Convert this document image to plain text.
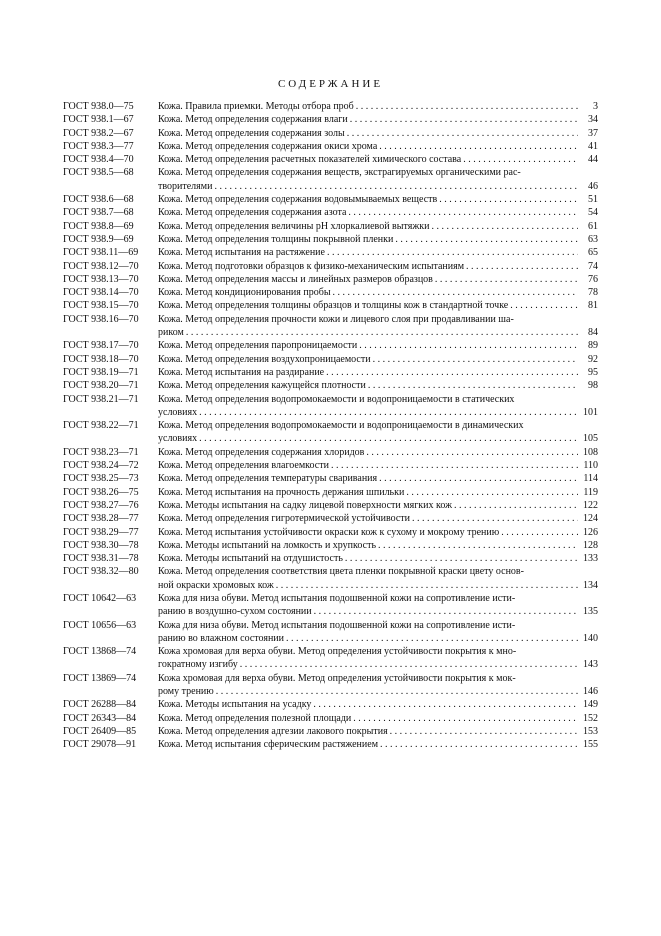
СОДЕРЖАНИЕ
ГОСТ 938.0—75	Кожа. Правила приемки. Методы отбора проб . . .	3
ГОСТ 938.1—67	Кожа. Метод определения содержания влаги . . .	34
ГОСТ 938.2—67	Кожа. Метод определения содержания золы . . .	37
ГОСТ 938.3—77	Кожа. Метод определения содержания окиси хрома . . .	41
ГОСТ 938.4—70	Кожа. Метод определения расчетных показателей химического состава . . .	44
ГОСТ 938.5—68	Кожа. Метод определения содержания веществ, экстрагируемых органическими рас-
творителями . . .	46
ГОСТ 938.6—68	Кожа. Метод определения содержания водовымываемых веществ . . .	51
ГОСТ 938.7—68	Кожа. Метод определения содержания азота . . .	54
ГОСТ 938.8—69	Кожа. Метод определения величины pH хлоркалиевой вытяжки . . .	61
ГОСТ 938.9—69	Кожа. Метод определения толщины покрывной пленки . . .	63
ГОСТ 938.11—69	Кожа. Метод испытания на растяжение . . .	65
ГОСТ 938.12—70	Кожа. Метод подготовки образцов к физико-механическим испытаниям . . .	74
ГОСТ 938.13—70	Кожа. Метод определения массы и линейных размеров образцов . . .	76
ГОСТ 938.14—70	Кожа. Метод кондиционирования пробы . . .	78
ГОСТ 938.15—70	Кожа. Метод определения толщины образцов и толщины кож в стандартной точке . . .	81
ГОСТ 938.16—70	Кожа. Метод определения прочности кожи и лицевого слоя при продавливании ша-
риком . . .	84
ГОСТ 938.17—70	Кожа. Метод определения паропроницаемости . . .	89
ГОСТ 938.18—70	Кожа. Метод определения воздухопроницаемости . . .	92
ГОСТ 938.19—71	Кожа. Метод испытания на раздирание . . .	95
ГОСТ 938.20—71	Кожа. Метод определения кажущейся плотности . . .	98
ГОСТ 938.21—71	Кожа. Метод определения водопромокаемости и водопроницаемости в статических
условиях . . .	101
ГОСТ 938.22—71	Кожа. Метод определения водопромокаемости и водопроницаемости в динамических
условиях . . .	105
ГОСТ 938.23—71	Кожа. Метод определения содержания хлоридов . . .	108
ГОСТ 938.24—72	Кожа. Метод определения влагоемкости . . .	110
ГОСТ 938.25—73	Кожа. Метод определения температуры сваривания . . .	114
ГОСТ 938.26—75	Кожа. Метод испытания на прочность держания шпильки . . .	119
ГОСТ 938.27—76	Кожа. Методы испытания на садку лицевой поверхности мягких кож . . .	122
ГОСТ 938.28—77	Кожа. Метод определения гигротермической устойчивости . . .	124
ГОСТ 938.29—77	Кожа. Метод испытания устойчивости окраски кож к сухому и мокрому трению . . .	126
ГОСТ 938.30—78	Кожа. Методы испытаний на ломкость и хрупкость . . .	128
ГОСТ 938.31—78	Кожа. Методы испытаний на отдушистость . . .	133
ГОСТ 938.32—80	Кожа. Метод определения соответствия цвета пленки покрывной краски цвету основ-
ной окраски хромовых кож . . .	134
ГОСТ 10642—63	Кожа для низа обуви. Метод испытания подошвенной кожи на сопротивление исти-
ранию в воздушно-сухом состоянии . . .	135
ГОСТ 10656—63	Кожа для низа обуви. Метод испытания подошвенной кожи на сопротивление исти-
ранию во влажном состоянии . . .	140
ГОСТ 13868—74	Кожа хромовая для верха обуви. Метод определения устойчивости покрытия к мно-
гократному изгибу . . .	143
ГОСТ 13869—74	Кожа хромовая для верха обуви. Метод определения устойчивости покрытия к мок-
рому трению . . .	146
ГОСТ 26288—84	Кожа. Методы испытания на усадку . . .	149
ГОСТ 26343—84	Кожа. Метод определения полезной площади . . .	152
ГОСТ 26409—85	Кожа. Метод определения адгезии лакового покрытия . . .	153
ГОСТ 29078—91	Кожа. Метод испытания сферическим растяжением . . .	155
